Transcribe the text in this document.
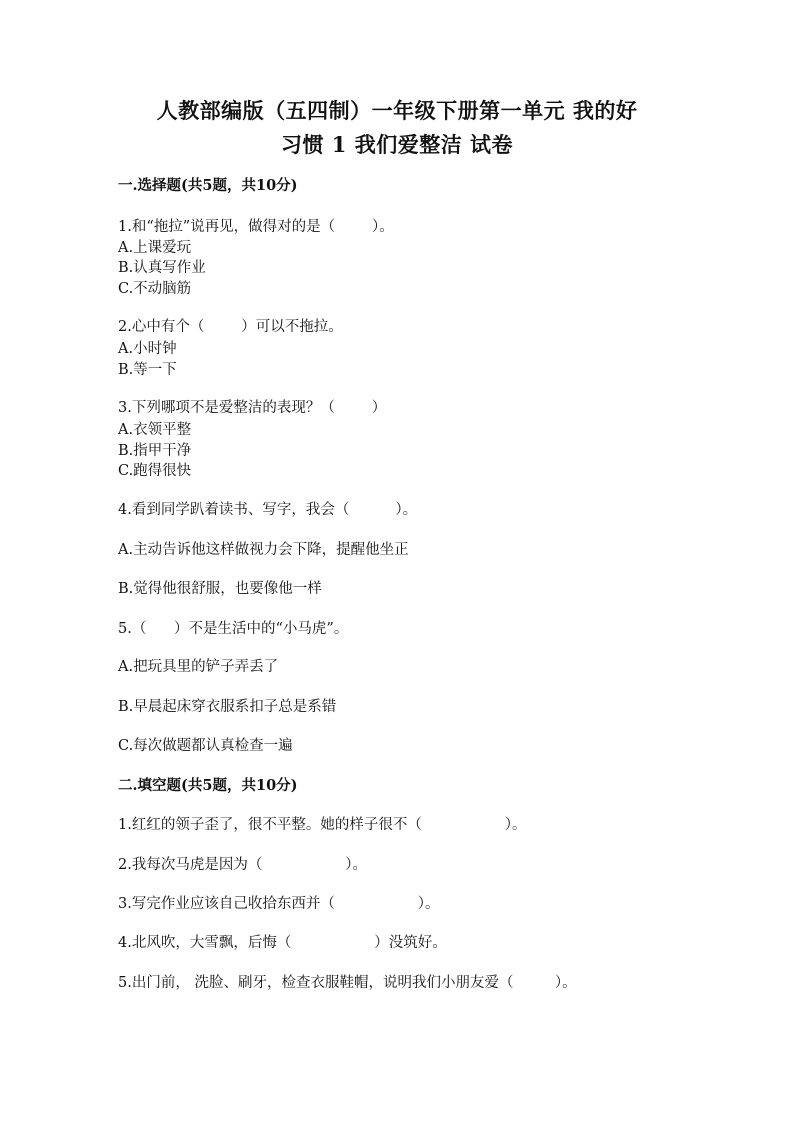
人教部编版（五四制）一年级下册第一单元 我的好
习惯 1 我们爱整洁 试卷
一.选择题(共5题，共10分)
1.和“拖拉”说再见，做得对的是（        ）。
A.上课爱玩
B.认真写作业
C.不动脑筋
2.心中有个（        ）可以不拖拉。
A.小时钟
B.等一下
3.下列哪项不是爱整洁的表现？（        ）
A.衣领平整
B.指甲干净
C.跑得很快
4.看到同学趴着读书、写字，我会（          ）。
A.主动告诉他这样做视力会下降，提醒他坐正
B.觉得他很舒服，也要像他一样
5.（      ）不是生活中的“小马虎”。
A.把玩具里的铲子弄丢了
B.早晨起床穿衣服系扣子总是系错
C.每次做题都认真检查一遍
二.填空题(共5题，共10分)
1.红红的领子歪了，很不平整。她的样子很不（                  ）。
2.我每次马虎是因为（                  ）。
3.写完作业应该自己收拾东西并（                  ）。
4.北风吹，大雪飘，后悔（                  ）没筑好。
5.出门前， 洗脸、刷牙，检查衣服鞋帽，说明我们小朋友爱（         ）。
